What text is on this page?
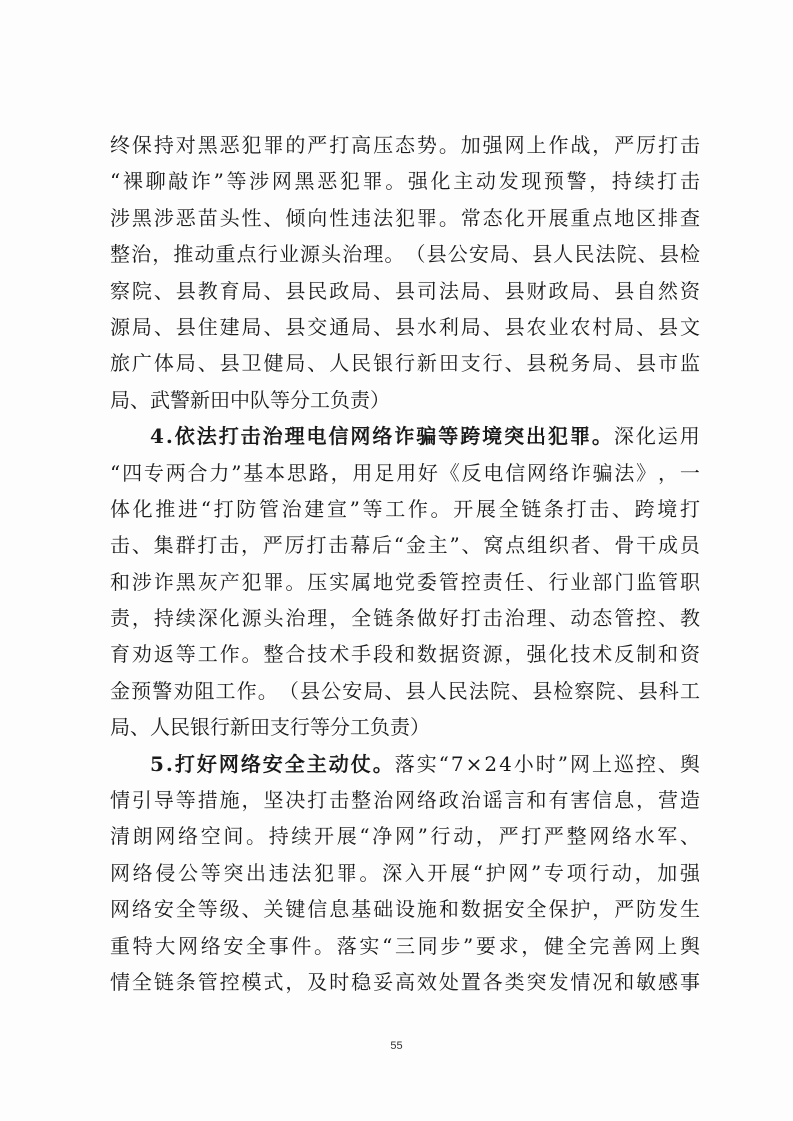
终 保 持 对 黑 恶 犯 罪 的 严 打 高 压 态 势 。 加 强 网 上 作 战 ， 严 厉 打 击
“ 裸 聊 敲 诈 ” 等 涉 网 黑 恶 犯 罪 。 强 化 主 动 发 现 预 警 ， 持 续 打 击
涉 黑 涉 恶 苗 头 性 、 倾 向 性 违 法 犯 罪 。 常 态 化 开 展 重 点 地 区 排 查
整 治 ， 推 动 重 点 行 业 源 头 治 理 。 （ 县 公 安 局 、 县 人 民 法 院 、 县 检
察 院 、 县 教 育 局 、 县 民 政 局 、 县 司 法 局 、 县 财 政 局 、 县 自 然 资
源 局 、 县 住 建 局 、 县 交 通 局 、 县 水 利 局 、 县 农 业 农 村 局 、 县 文
旅 广 体 局 、 县 卫 健 局 、 人 民 银 行 新 田 支 行 、 县 税 务 局 、 县 市 监
局 、 武 警 新 田 中 队 等 分 工 负 责 ）
4 . 依 法 打 击 治 理 电 信 网 络 诈 骗 等 跨 境 突 出 犯 罪 。 深 化 运 用
“ 四 专 两 合 力 ” 基 本 思 路 ， 用 足 用 好 《 反 电 信 网 络 诈 骗 法 》 ， 一
体 化 推 进 “ 打 防 管 治 建 宣 ” 等 工 作 。 开 展 全 链 条 打 击 、 跨 境 打
击 、 集 群 打 击 ， 严 厉 打 击 幕 后 “ 金 主 ” 、 窝 点 组 织 者 、 骨 干 成 员
和 涉 诈 黑 灰 产 犯 罪 。 压 实 属 地 党 委 管 控 责 任 、 行 业 部 门 监 管 职
责 ， 持 续 深 化 源 头 治 理 ， 全 链 条 做 好 打 击 治 理 、 动 态 管 控 、 教
育 劝 返 等 工 作 。 整 合 技 术 手 段 和 数 据 资 源 ， 强 化 技 术 反 制 和 资
金 预 警 劝 阻 工 作 。 （ 县 公 安 局 、 县 人 民 法 院 、 县 检 察 院 、 县 科 工
局 、 人 民 银 行 新 田 支 行 等 分 工 负 责 ）
5 . 打 好 网 络 安 全 主 动 仗 。 落 实 “ 7 × 2 4 小 时 ” 网 上 巡 控 、 舆
情 引 导 等 措 施 ， 坚 决 打 击 整 治 网 络 政 治 谣 言 和 有 害 信 息 ， 营 造
清 朗 网 络 空 间 。 持 续 开 展 “ 净 网 ” 行 动 ， 严 打 严 整 网 络 水 军 、
网 络 侵 公 等 突 出 违 法 犯 罪 。 深 入 开 展 “ 护 网 ” 专 项 行 动 ， 加 强
网 络 安 全 等 级 、 关 键 信 息 基 础 设 施 和 数 据 安 全 保 护 ， 严 防 发 生
重 特 大 网 络 安 全 事 件 。 落 实 “ 三 同 步 ” 要 求 ， 健 全 完 善 网 上 舆
情 全 链 条 管 控 模 式 ， 及 时 稳 妥 高 效 处 置 各 类 突 发 情 况 和 敏 感 事
55
